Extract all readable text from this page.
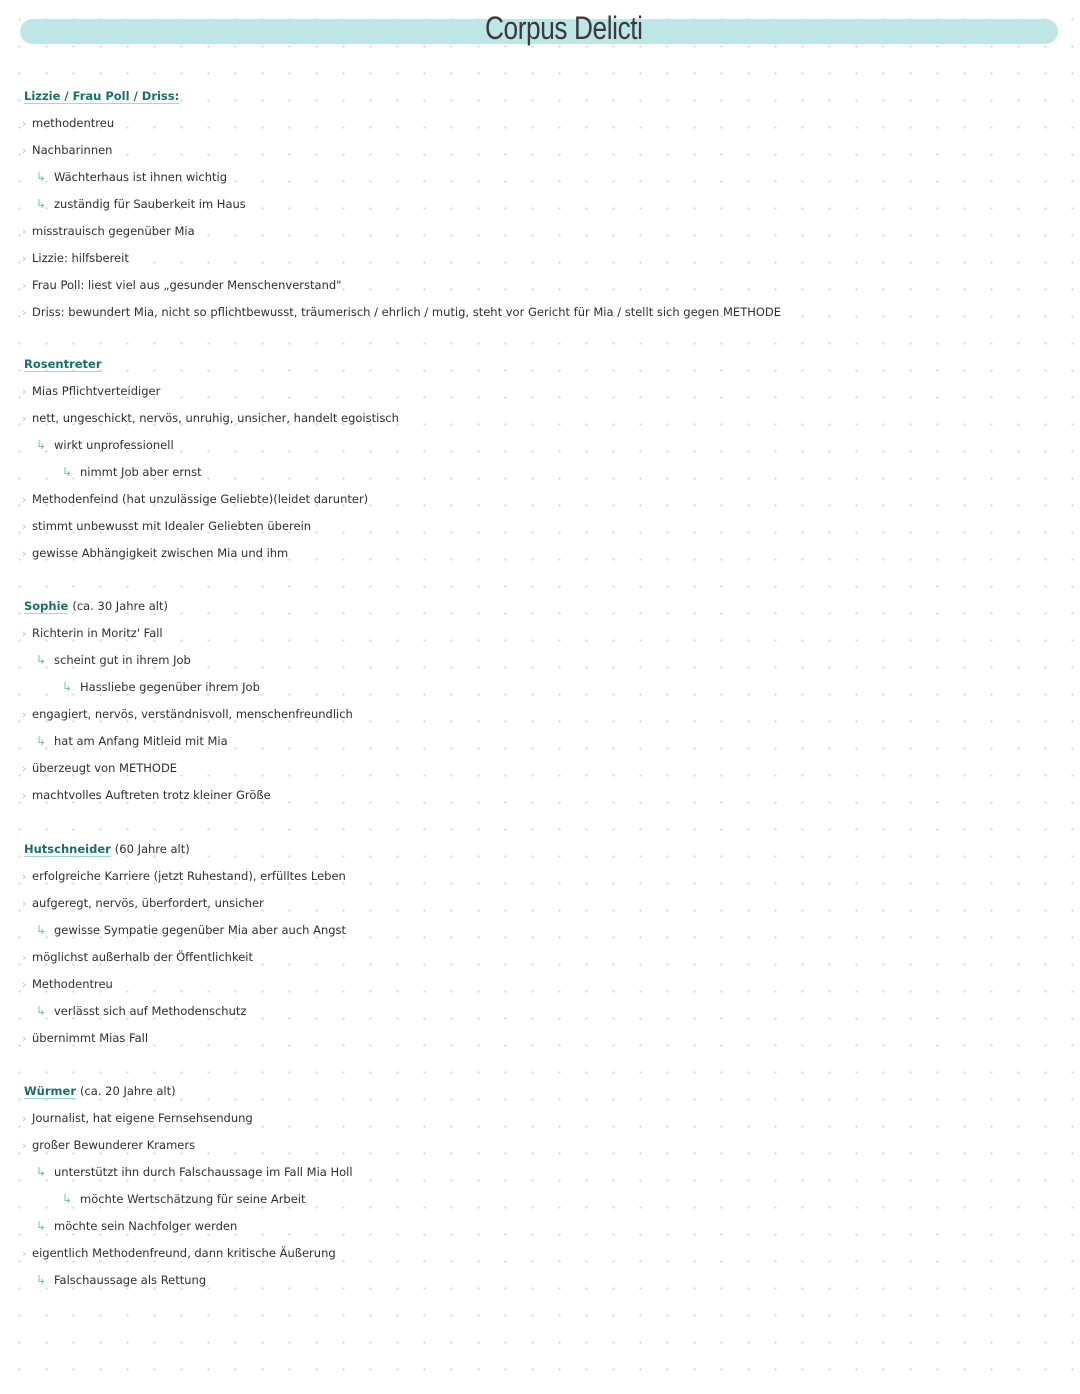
Corpus Delicti
Lizzie / Frau Poll / Driss:
› methodentreu
› Nachbarinnen
↳ Wächterhaus ist ihnen wichtig
↳ zuständig für Sauberkeit im Haus
› misstrauisch gegenüber Mia
› Lizzie: hilfsbereit
› Frau Poll: liest viel aus „gesunder Menschenverstand"
› Driss: bewundert Mia, nicht so pflichtbewusst, träumerisch / ehrlich / mutig, steht vor Gericht für Mia / stellt sich gegen METHODE
Rosentreter
› Mias Pflichtverteidiger
› nett, ungeschickt, nervös, unruhig, unsicher, handelt egoistisch
↳ wirkt unprofessionell
↳ nimmt Job aber ernst
› Methodenfeind (hat unzulässige Geliebte)(leidet darunter)
› stimmt unbewusst mit Idealer Geliebten überein
› gewisse Abhängigkeit zwischen Mia und ihm
Sophie (ca. 30 Jahre alt)
› Richterin in Moritz' Fall
↳ scheint gut in ihrem Job
↳ Hassliebe gegenüber ihrem Job
› engagiert, nervös, verständnisvoll, menschenfreundlich
↳ hat am Anfang Mitleid mit Mia
› überzeugt von METHODE
› machtvolles Auftreten trotz kleiner Größe
Hutschneider (60 Jahre alt)
› erfolgreiche Karriere (jetzt Ruhestand), erfülltes Leben
› aufgeregt, nervös, überfordert, unsicher
↳ gewisse Sympatie gegenüber Mia aber auch Angst
› möglichst außerhalb der Öffentlichkeit
› Methodentreu
↳ verlässt sich auf Methodenschutz
› übernimmt Mias Fall
Würmer (ca. 20 Jahre alt)
› Journalist, hat eigene Fernsehsendung
› großer Bewunderer Kramers
↳ unterstützt ihn durch Falschaussage im Fall Mia Holl
↳ möchte Wertschätzung für seine Arbeit
↳ möchte sein Nachfolger werden
› eigentlich Methodenfreund, dann kritische Äußerung
↳ Falschaussage als Rettung
